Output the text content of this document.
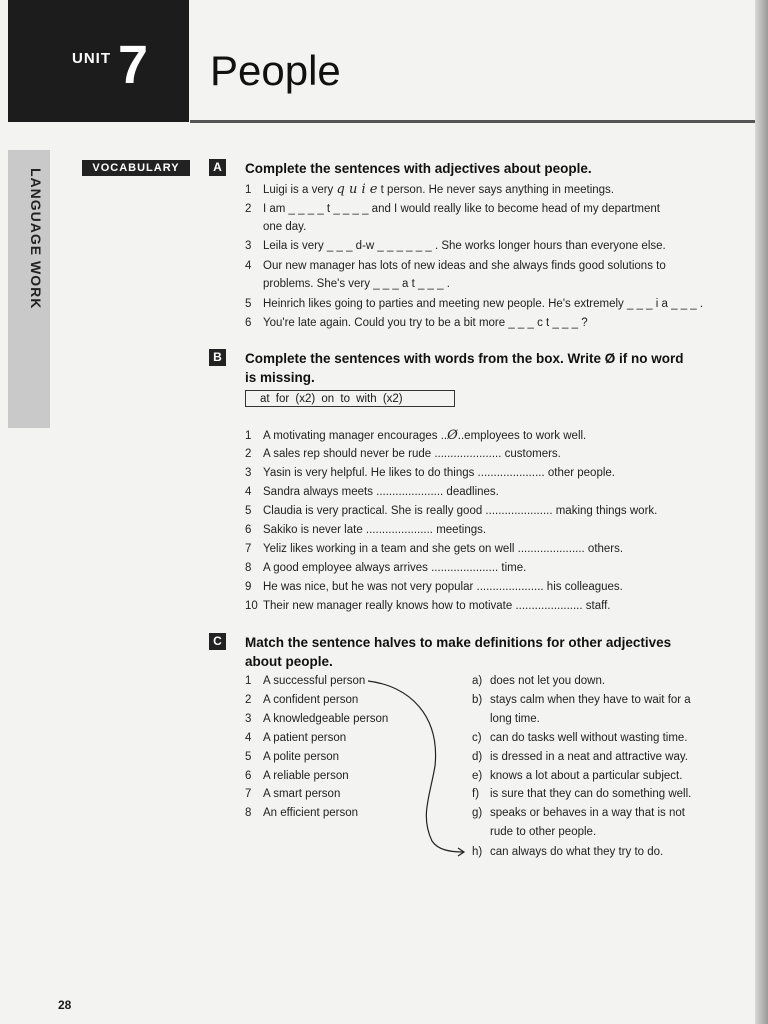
UNIT 7 People
LANGUAGE WORK	VOCABULARY	A	Complete the sentences with adjectives about people.
1 Luigi is a very q u i e t person. He never says anything in meetings.
2 I am _ _ _ _ t _ _ _ _ and I would really like to become head of my department
one day.
3 Leila is very _ _ _ d-w _ _ _ _ _ _ . She works longer hours than everyone else.
4 Our new manager has lots of new ideas and she always finds good solutions to
problems. She's very _ _ _ a t _ _ _ .
5 Heinrich likes going to parties and meeting new people. He's extremely _ _ _ i a _ _ _ .
6 You're late again. Could you try to be a bit more _ _ _ c t _ _ _ ?
B	Complete the sentences with words from the box. Write Ø if no word
is missing.
at for (x2) on to with (x2)
1 A motivating manager encourages ..Ø..employees to work well.
2 A sales rep should never be rude ..................... customers.
3 Yasin is very helpful. He likes to do things ..................... other people.
4 Sandra always meets ..................... deadlines.
5 Claudia is very practical. She is really good ..................... making things work.
6 Sakiko is never late ..................... meetings.
7 Yeliz likes working in a team and she gets on well ..................... others.
8 A good employee always arrives ..................... time.
9 He was nice, but he was not very popular ..................... his colleagues.
10 Their new manager really knows how to motivate ..................... staff.
C	Match the sentence halves to make definitions for other adjectives
about people.
1 A successful person
2 A confident person
3 A knowledgeable person
4 A patient person
5 A polite person
6 A reliable person
7 A smart person
8 An efficient person
a) does not let you down.
b) stays calm when they have to wait for a
long time.
c) can do tasks well without wasting time.
d) is dressed in a neat and attractive way.
e) knows a lot about a particular subject.
f) is sure that they can do something well.
g) speaks or behaves in a way that is not
rude to other people.
h) can always do what they try to do.
28
